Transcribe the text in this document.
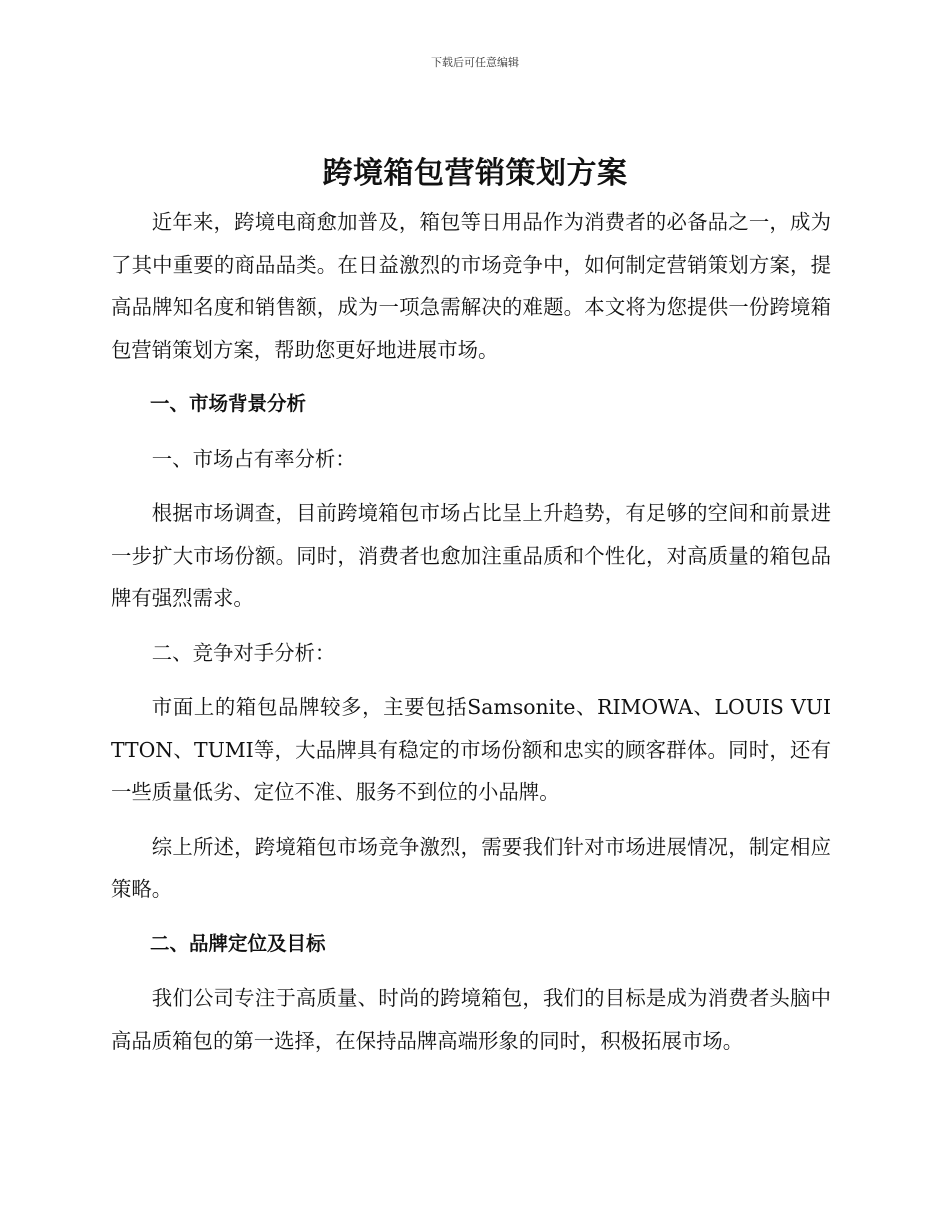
下载后可任意编辑
跨境箱包营销策划方案

近年来，跨境电商愈加普及，箱包等日用品作为消费者的必备品之一，成为了其中重要的商品品类。在日益激烈的市场竞争中，如何制定营销策划方案，提高品牌知名度和销售额，成为一项急需解决的难题。本文将为您提供一份跨境箱包营销策划方案，帮助您更好地进展市场。

一、市场背景分析

一、市场占有率分析：

根据市场调查，目前跨境箱包市场占比呈上升趋势，有足够的空间和前景进一步扩大市场份额。同时，消费者也愈加注重品质和个性化，对高质量的箱包品牌有强烈需求。

二、竞争对手分析：

市面上的箱包品牌较多，主要包括Samsonite、RIMOWA、LOUIS VUITTON、TUMI等，大品牌具有稳定的市场份额和忠实的顾客群体。同时，还有一些质量低劣、定位不准、服务不到位的小品牌。

综上所述，跨境箱包市场竞争激烈，需要我们针对市场进展情况，制定相应策略。

二、品牌定位及目标

我们公司专注于高质量、时尚的跨境箱包，我们的目标是成为消费者头脑中高品质箱包的第一选择，在保持品牌高端形象的同时，积极拓展市场。
